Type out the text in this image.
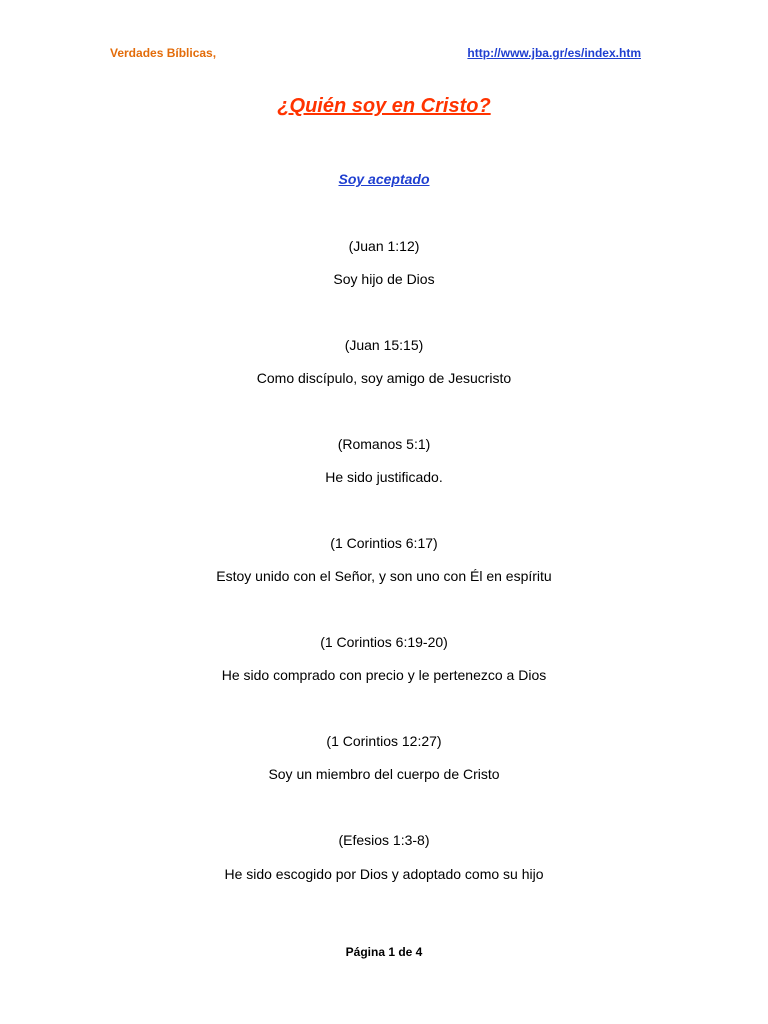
Verdades Bíblicas,	http://www.jba.gr/es/index.htm
¿Quién soy en Cristo?
Soy aceptado
(Juan 1:12)
Soy hijo de Dios
(Juan 15:15)
Como discípulo, soy amigo de Jesucristo
(Romanos 5:1)
He sido justificado.
(1 Corintios 6:17)
Estoy unido con el Señor, y son uno con Él en espíritu
(1 Corintios 6:19-20)
He sido comprado con precio y le pertenezco a Dios
(1 Corintios 12:27)
Soy un miembro del cuerpo de Cristo
(Efesios 1:3-8)
He sido escogido por Dios y adoptado como su hijo
Página 1 de 4
